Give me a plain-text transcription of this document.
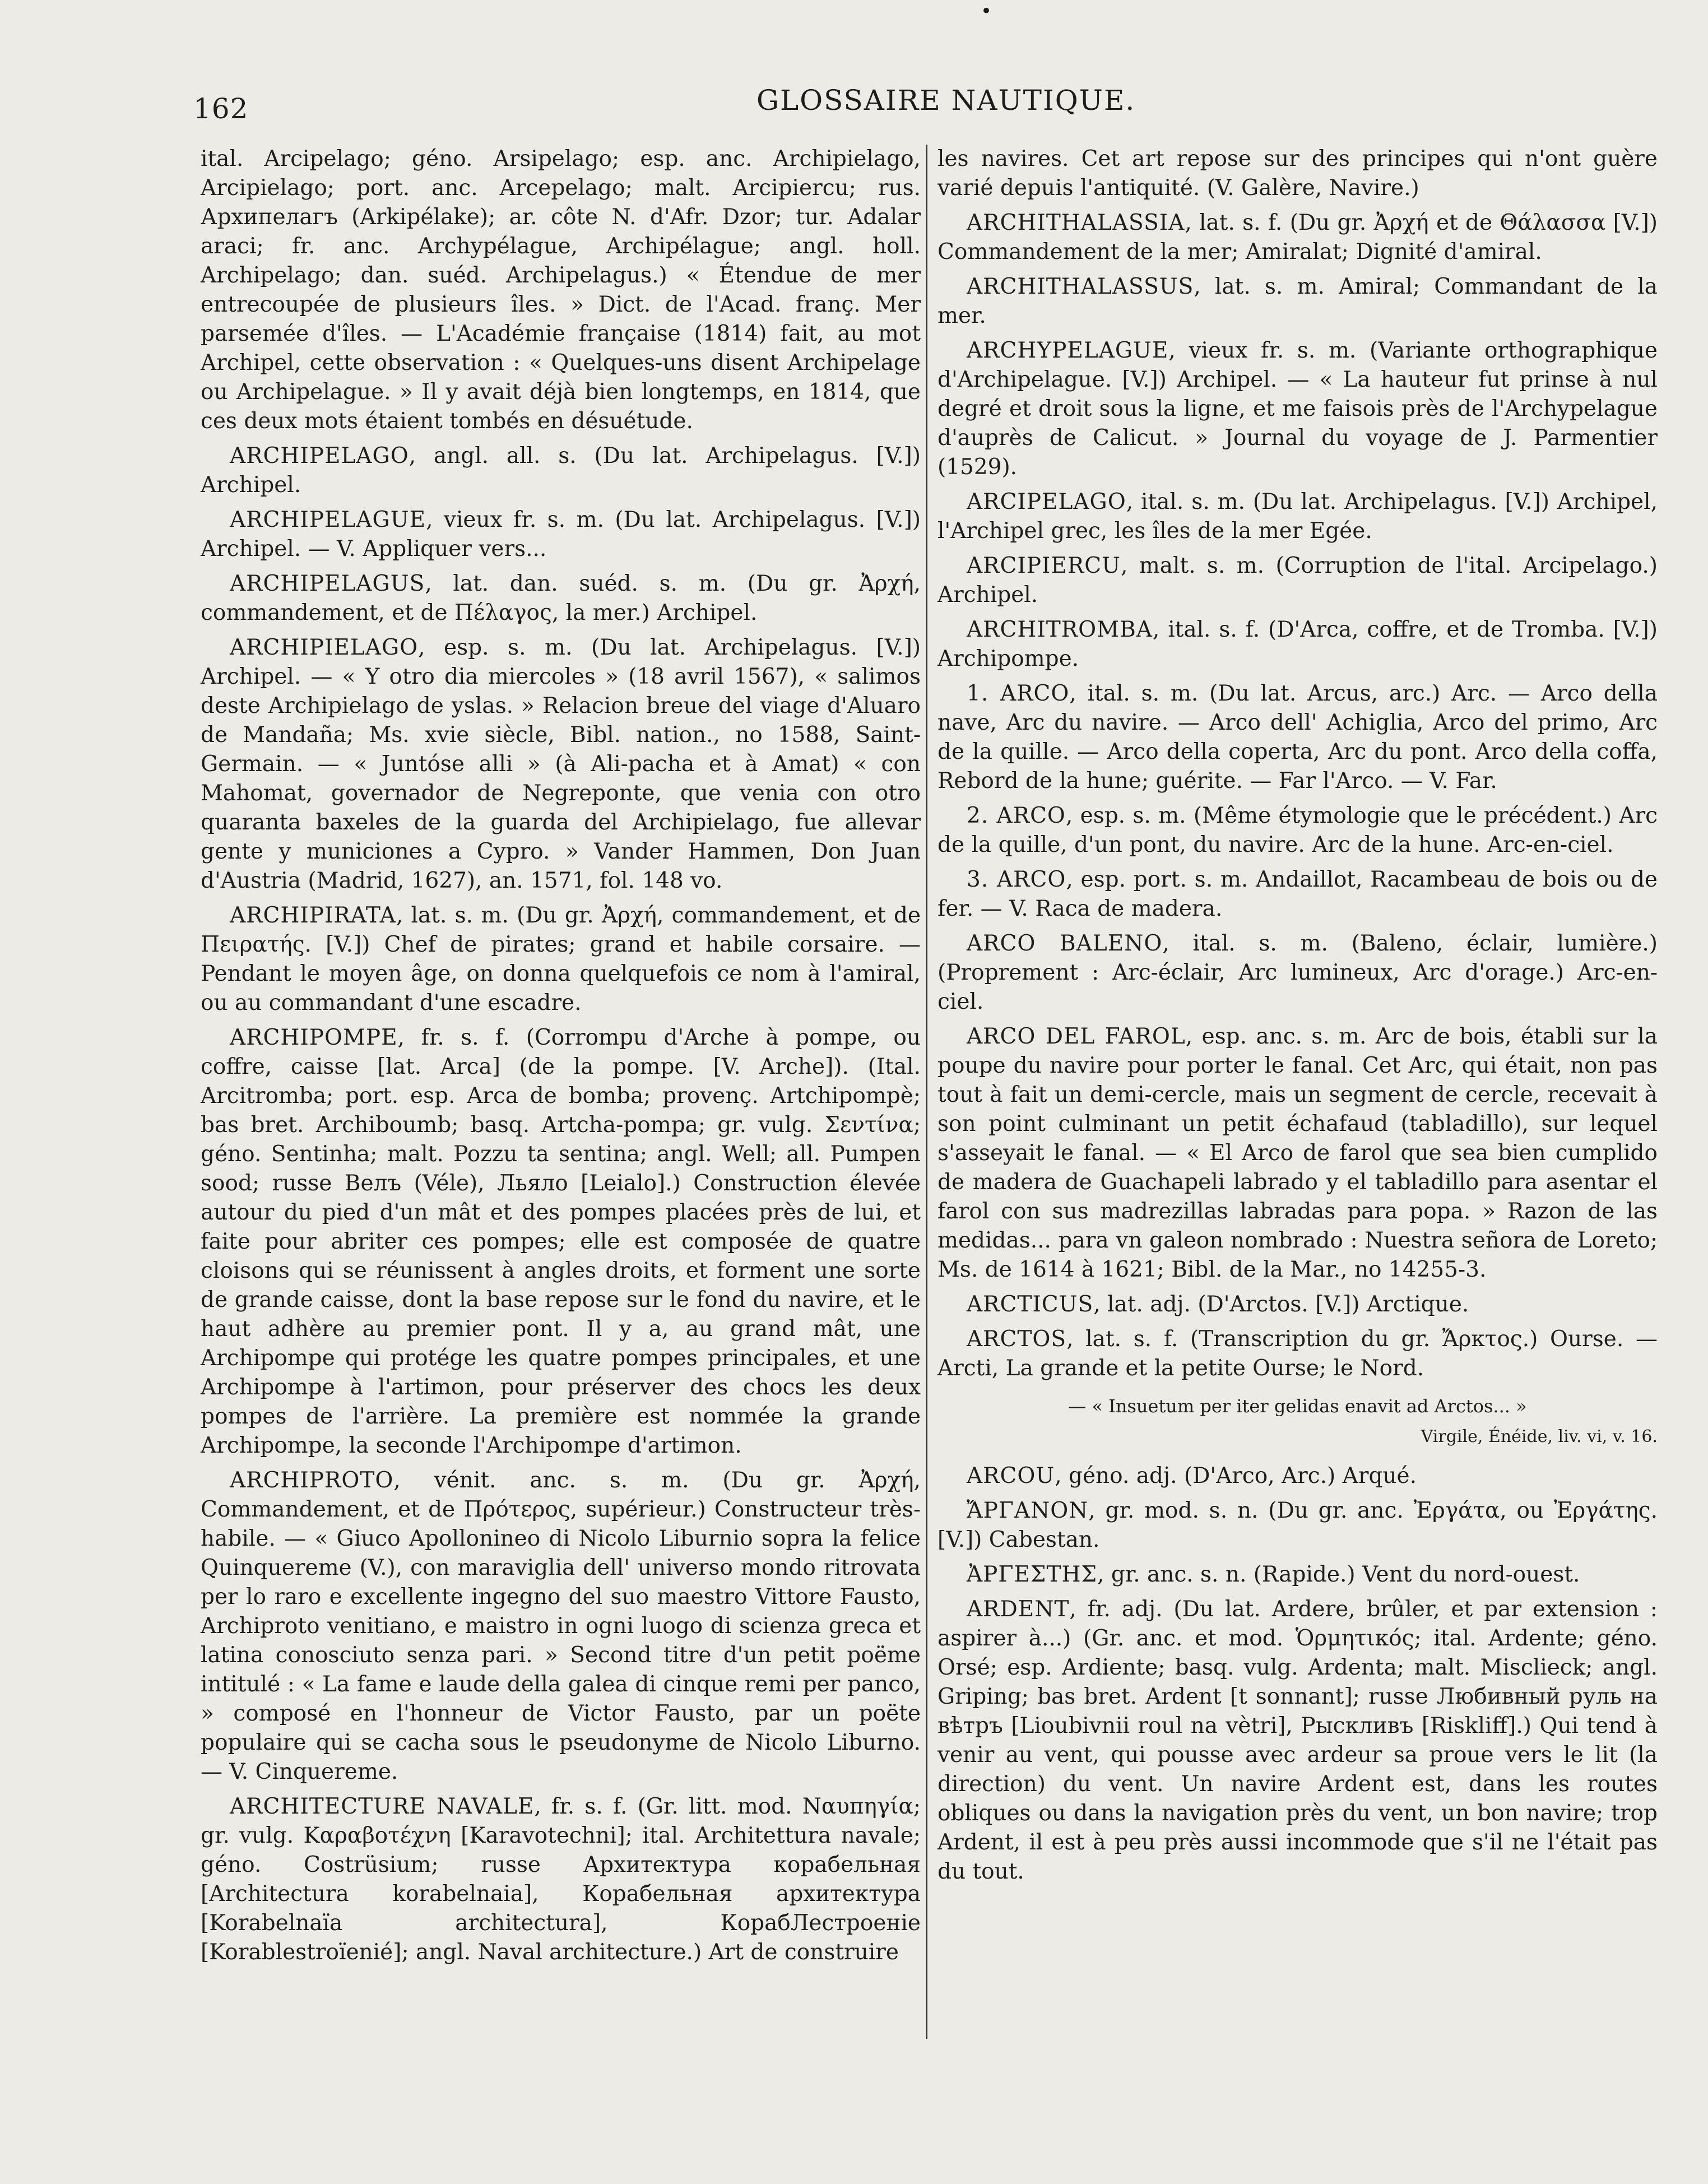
•
162	GLOSSAIRE NAUTIQUE.

ital. Arcipelago; géno. Arsipelago; esp. anc. Archipielago, Arcipielago; port. anc. Arcepelago; malt. Arcipiercu; rus. Архипелагъ (Arkipélake); ar. côte N. d'Afr. Dzor; tur. Adalar araci; fr. anc. Archypélague, Archipélague; angl. holl. Archipelago; dan. suéd. Archipelagus.) « Étendue de mer entrecoupée de plusieurs îles. » Dict. de l'Acad. franç. Mer parsemée d'îles. — L'Académie française (1814) fait, au mot Archipel, cette observation : « Quelques-uns disent Archipelage ou Archipelague. » Il y avait déjà bien longtemps, en 1814, que ces deux mots étaient tombés en désuétude.

ARCHIPELAGO, angl. all. s. (Du lat. Archipelagus. [V.]) Archipel.

ARCHIPELAGUE, vieux fr. s. m. (Du lat. Archipelagus. [V.]) Archipel. — V. Appliquer vers...

ARCHIPELAGUS, lat. dan. suéd. s. m. (Du gr. Ἀρχή, commandement, et de Πέλαγος, la mer.) Archipel.

ARCHIPIELAGO, esp. s. m. (Du lat. Archipelagus. [V.]) Archipel. — « Y otro dia miercoles » (18 avril 1567), « salimos deste Archipielago de yslas. » Relacion breue del viage d'Aluaro de Mandaña; Ms. xvie siècle, Bibl. nation., no 1588, Saint-Germain. — « Juntóse alli » (à Ali-pacha et à Amat) « con Mahomat, governador de Negreponte, que venia con otro quaranta baxeles de la guarda del Archipielago, fue allevar gente y municiones a Cypro. » Vander Hammen, Don Juan d'Austria (Madrid, 1627), an. 1571, fol. 148 vo.

ARCHIPIRATA, lat. s. m. (Du gr. Ἀρχή, commandement, et de Πειρατής. [V.]) Chef de pirates; grand et habile corsaire. — Pendant le moyen âge, on donna quelquefois ce nom à l'amiral, ou au commandant d'une escadre.

ARCHIPOMPE, fr. s. f. (Corrompu d'Arche à pompe, ou coffre, caisse [lat. Arca] (de la pompe. [V. Arche]). (Ital. Arcitromba; port. esp. Arca de bomba; provenç. Artchipompè; bas bret. Archiboumb; basq. Artcha-pompa; gr. vulg. Σεντίνα; géno. Sentinha; malt. Pozzu ta sentina; angl. Well; all. Pumpen sood; russe Велъ (Véle), Льяло [Leialo].) Construction élevée autour du pied d'un mât et des pompes placées près de lui, et faite pour abriter ces pompes; elle est composée de quatre cloisons qui se réunissent à angles droits, et forment une sorte de grande caisse, dont la base repose sur le fond du navire, et le haut adhère au premier pont. Il y a, au grand mât, une Archipompe qui protége les quatre pompes principales, et une Archipompe à l'artimon, pour préserver des chocs les deux pompes de l'arrière. La première est nommée la grande Archipompe, la seconde l'Archipompe d'artimon.

ARCHIPROTO, vénit. anc. s. m. (Du gr. Ἀρχή, Commandement, et de Πρότερος, supérieur.) Constructeur très-habile. — « Giuco Apollonineo di Nicolo Liburnio sopra la felice Quinquereme (V.), con maraviglia dell' universo mondo ritrovata per lo raro e excellente ingegno del suo maestro Vittore Fausto, Archiproto venitiano, e maistro in ogni luogo di scienza greca et latina conosciuto senza pari. » Second titre d'un petit poëme intitulé : « La fame e laude della galea di cinque remi per panco, » composé en l'honneur de Victor Fausto, par un poëte populaire qui se cacha sous le pseudonyme de Nicolo Liburno. — V. Cinquereme.

ARCHITECTURE NAVALE, fr. s. f. (Gr. litt. mod. Ναυπηγία; gr. vulg. Καραβοτέχνη [Karavotechni]; ital. Architettura navale; géno. Costrüsium; russe Архитектура корабельная [Architectura korabelnaia], Корабельная архитектура [Korabelnaïa architectura], КорабЛестроеніе [Korablestroïenié]; angl. Naval architecture.) Art de construire

les navires. Cet art repose sur des principes qui n'ont guère varié depuis l'antiquité. (V. Galère, Navire.)

ARCHITHALASSIA, lat. s. f. (Du gr. Ἀρχή et de Θάλασσα [V.]) Commandement de la mer; Amiralat; Dignité d'amiral.

ARCHITHALASSUS, lat. s. m. Amiral; Commandant de la mer.

ARCHYPELAGUE, vieux fr. s. m. (Variante orthographique d'Archipelague. [V.]) Archipel. — « La hauteur fut prinse à nul degré et droit sous la ligne, et me faisois près de l'Archypelague d'auprès de Calicut. » Journal du voyage de J. Parmentier (1529).

ARCIPELAGO, ital. s. m. (Du lat. Archipelagus. [V.]) Archipel, l'Archipel grec, les îles de la mer Egée.

ARCIPIERCU, malt. s. m. (Corruption de l'ital. Arcipelago.) Archipel.

ARCHITROMBA, ital. s. f. (D'Arca, coffre, et de Tromba. [V.]) Archipompe.

1. ARCO, ital. s. m. (Du lat. Arcus, arc.) Arc. — Arco della nave, Arc du navire. — Arco dell' Achiglia, Arco del primo, Arc de la quille. — Arco della coperta, Arc du pont. Arco della coffa, Rebord de la hune; guérite. — Far l'Arco. — V. Far.

2. ARCO, esp. s. m. (Même étymologie que le précédent.) Arc de la quille, d'un pont, du navire. Arc de la hune. Arc-en-ciel.

3. ARCO, esp. port. s. m. Andaillot, Racambeau de bois ou de fer. — V. Raca de madera.

ARCO BALENO, ital. s. m. (Baleno, éclair, lumière.) (Proprement : Arc-éclair, Arc lumineux, Arc d'orage.) Arc-en-ciel.

ARCO DEL FAROL, esp. anc. s. m. Arc de bois, établi sur la poupe du navire pour porter le fanal. Cet Arc, qui était, non pas tout à fait un demi-cercle, mais un segment de cercle, recevait à son point culminant un petit échafaud (tabladillo), sur lequel s'asseyait le fanal. — « El Arco de farol que sea bien cumplido de madera de Guachapeli labrado y el tabladillo para asentar el farol con sus madrezillas labradas para popa. » Razon de las medidas... para vn galeon nombrado : Nuestra señora de Loreto; Ms. de 1614 à 1621; Bibl. de la Mar., no 14255-3.

ARCTICUS, lat. adj. (D'Arctos. [V.]) Arctique.

ARCTOS, lat. s. f. (Transcription du gr. Ἄρκτος.) Ourse. — Arcti, La grande et la petite Ourse; le Nord.

— « Insuetum per iter gelidas enavit ad Arctos... »

Virgile, Énéide, liv. vi, v. 16.

ARCOU, géno. adj. (D'Arco, Arc.) Arqué.

ἌΡΓΑΝΟΝ, gr. mod. s. n. (Du gr. anc. Ἐργάτα, ou Ἐργάτης. [V.]) Cabestan.

ἈΡΓΕΣΤΗΣ, gr. anc. s. n. (Rapide.) Vent du nord-ouest.

ARDENT, fr. adj. (Du lat. Ardere, brûler, et par extension : aspirer à...) (Gr. anc. et mod. Ὁρμητικός; ital. Ardente; géno. Orsé; esp. Ardiente; basq. vulg. Ardenta; malt. Misclieck; angl. Griping; bas bret. Ardent [t sonnant]; russe Любивный руль на вѣтръ [Lioubivnii roul na vètri], Рыскливъ [Riskliff].) Qui tend à venir au vent, qui pousse avec ardeur sa proue vers le lit (la direction) du vent. Un navire Ardent est, dans les routes obliques ou dans la navigation près du vent, un bon navire; trop Ardent, il est à peu près aussi incommode que s'il ne l'était pas du tout.
